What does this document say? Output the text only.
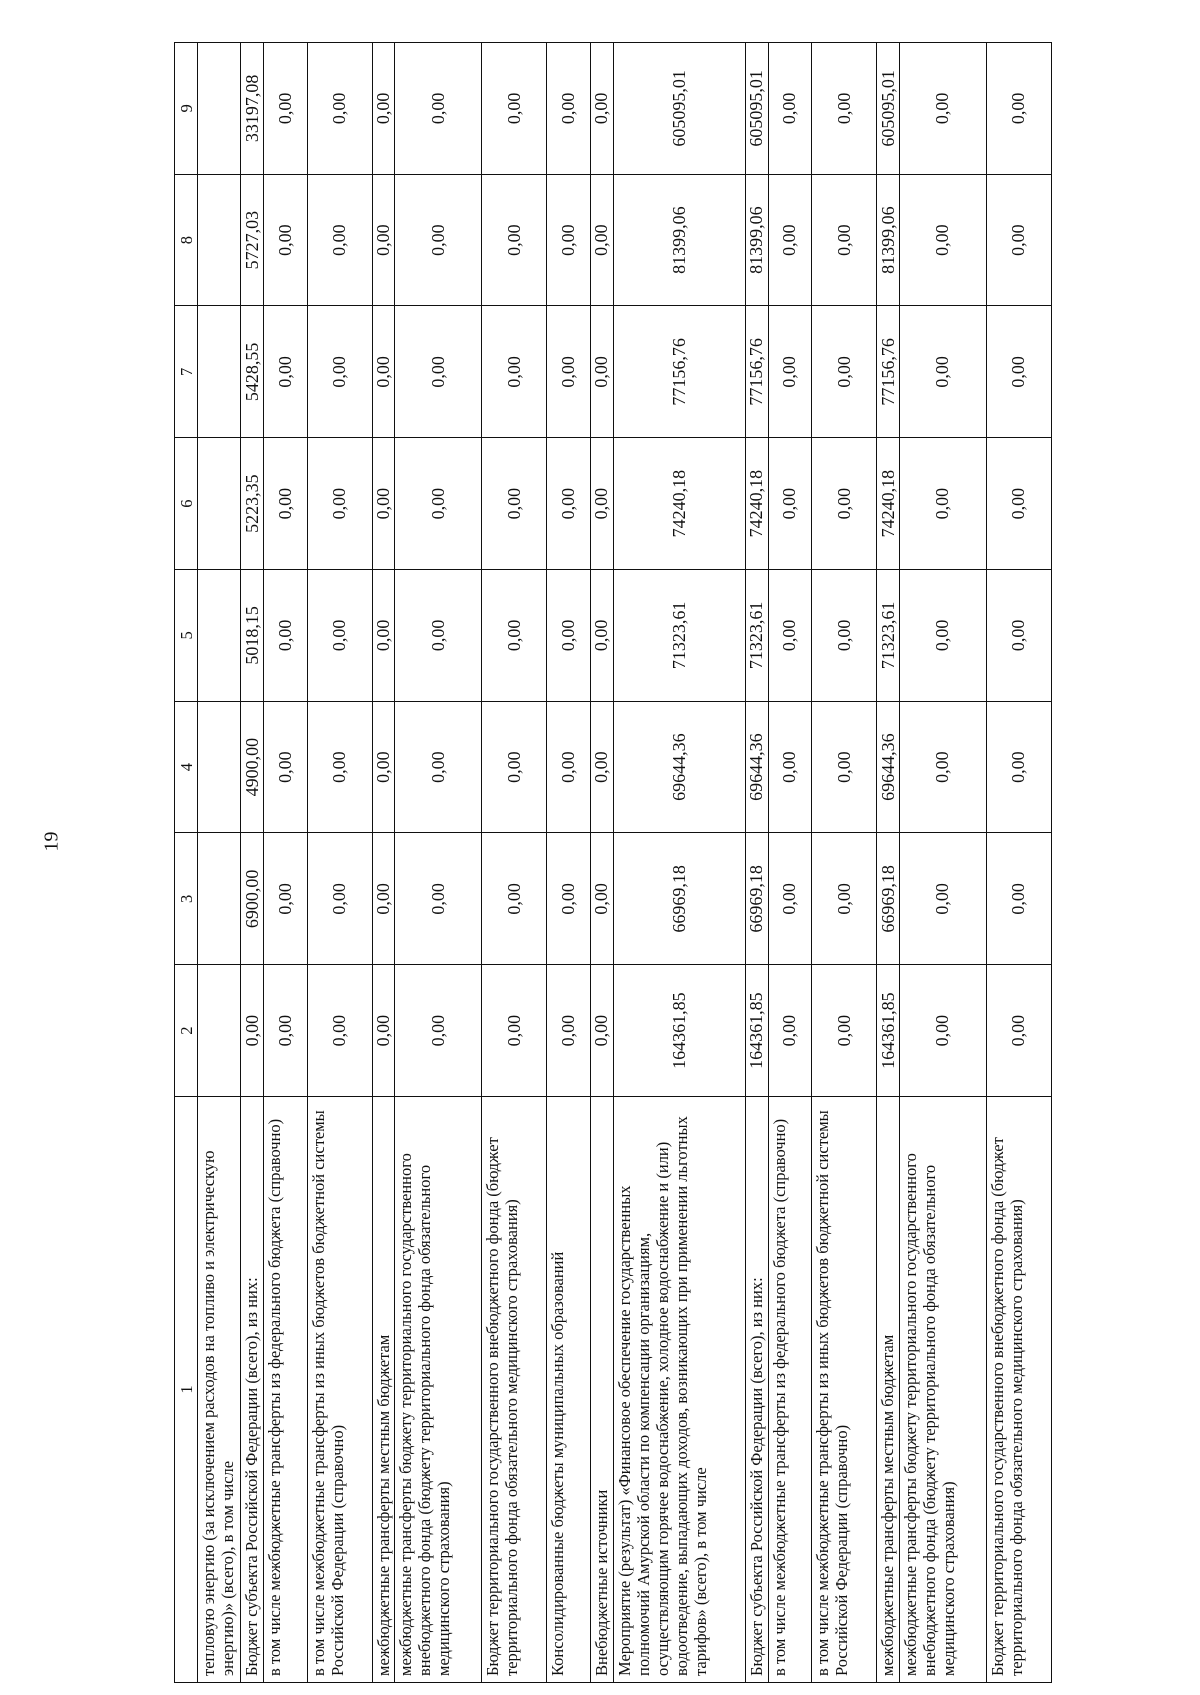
19
1	2	3	4	5	6	7	8	9
тепловую энергию (за исключением расходов на топливо и электрическую энергию)» (всего), в том числе								
Бюджет субъекта Российской Федерации (всего), из них:	0,00	6900,00	4900,00	5018,15	5223,35	5428,55	5727,03	33197,08
в том числе межбюджетные трансферты из федерального бюджета (справочно)	0,00	0,00	0,00	0,00	0,00	0,00	0,00	0,00
в том числе межбюджетные трансферты из иных бюджетов бюджетной системы Российской Федерации (справочно)	0,00	0,00	0,00	0,00	0,00	0,00	0,00	0,00
межбюджетные трансферты местным бюджетам	0,00	0,00	0,00	0,00	0,00	0,00	0,00	0,00
межбюджетные трансферты бюджету территориального государственного внебюджетного фонда (бюджету территориального фонда обязательного медицинского страхования)	0,00	0,00	0,00	0,00	0,00	0,00	0,00	0,00
Бюджет территориального государственного внебюджетного фонда (бюджет территориального фонда обязательного медицинского страхования)	0,00	0,00	0,00	0,00	0,00	0,00	0,00	0,00
Консолидированные бюджеты муниципальных образований	0,00	0,00	0,00	0,00	0,00	0,00	0,00	0,00
Внебюджетные источники	0,00	0,00	0,00	0,00	0,00	0,00	0,00	0,00
Мероприятие (результат) «Финансовое обеспечение государственных полномочий Амурской области по компенсации организациям, осуществляющим горячее водоснабжение, холодное водоснабжение и (или) водоотведение, выпадающих доходов, возникающих при применении льготных тарифов» (всего), в том числе	164361,85	66969,18	69644,36	71323,61	74240,18	77156,76	81399,06	605095,01
Бюджет субъекта Российской Федерации (всего), из них:	164361,85	66969,18	69644,36	71323,61	74240,18	77156,76	81399,06	605095,01
в том числе межбюджетные трансферты из федерального бюджета (справочно)	0,00	0,00	0,00	0,00	0,00	0,00	0,00	0,00
в том числе межбюджетные трансферты из иных бюджетов бюджетной системы Российской Федерации (справочно)	0,00	0,00	0,00	0,00	0,00	0,00	0,00	0,00
межбюджетные трансферты местным бюджетам	164361,85	66969,18	69644,36	71323,61	74240,18	77156,76	81399,06	605095,01
межбюджетные трансферты бюджету территориального государственного внебюджетного фонда (бюджету территориального фонда обязательного медицинского страхования)	0,00	0,00	0,00	0,00	0,00	0,00	0,00	0,00
Бюджет территориального государственного внебюджетного фонда (бюджет территориального фонда обязательного медицинского страхования)	0,00	0,00	0,00	0,00	0,00	0,00	0,00	0,00
